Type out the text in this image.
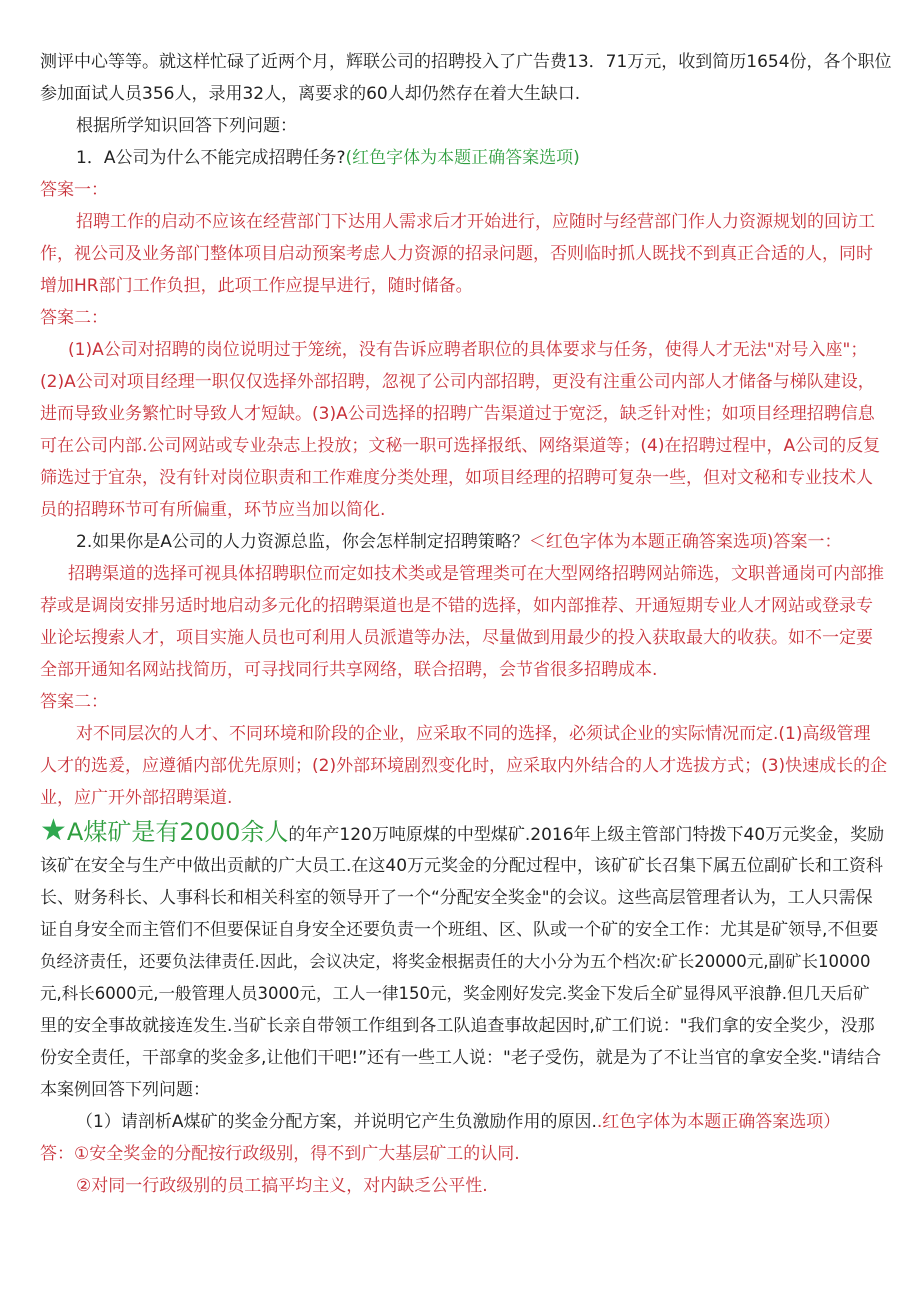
测评中心等等。就这样忙碌了近两个月，辉联公司的招聘投入了广告费13．71万元，收到简历1654份，各个职位
参加面试人员356人，录用32人，离要求的60人却仍然存在着大生缺口.
根据所学知识回答下列问题：
1．A公司为什么不能完成招聘任务?(红色字体为本题正确答案选项)
答案一：
招聘工作的启动不应该在经营部门下达用人需求后才开始进行，应随时与经营部门作人力资源规划的回访工
作，视公司及业务部门整体项目启动预案考虑人力资源的招录问题，否则临时抓人既找不到真正合适的人，同时
增加HR部门工作负担，此项工作应提早进行，随时储备。
答案二：
(1)A公司对招聘的岗位说明过于笼统，没有告诉应聘者职位的具体要求与任务，使得人才无法"对号入座"；
(2)A公司对项目经理一职仅仅选择外部招聘，忽视了公司内部招聘，更没有注重公司内部人才储备与梯队建设，
进而导致业务繁忙时导致人才短缺。(3)A公司选择的招聘广告渠道过于宽泛，缺乏针对性；如项目经理招聘信息
可在公司内部.公司网站或专业杂志上投放；文秘一职可选择报纸、网络渠道等；(4)在招聘过程中，A公司的反复
筛选过于宜杂，没有针对岗位职责和工作难度分类处理，如项目经理的招聘可复杂一些，但对文秘和专业技术人
员的招聘环节可有所偏重，环节应当加以简化.
2.如果你是A公司的人力资源总监，你会怎样制定招聘策略？＜红色字体为本题正确答案选项)答案一：
招聘渠道的选择可视具体招聘职位而定如技术类或是管理类可在大型网络招聘网站筛选，文职普通岗可内部推
荐或是调岗安排另适时地启动多元化的招聘渠道也是不错的选择，如内部推荐、开通短期专业人才网站或登录专
业论坛搜索人才，项目实施人员也可利用人员派遣等办法，尽量做到用最少的投入获取最大的收获。如不一定要
全部开通知名网站找简历，可寻找同行共享网络，联合招聘，会节省很多招聘成本.
答案二：
对不同层次的人才、不同环境和阶段的企业，应采取不同的选择，必须试企业的实际情况而定.(1)高级管理
人才的选爰，应遵循内部优先原则；(2)外部环境剧烈变化时，应采取内外结合的人才选拔方式；(3)快速成长的企
业，应广开外部招聘渠道.
★A煤矿是有2000余人的年产120万吨原煤的中型煤矿.2016年上级主管部门特拨下40万元奖金，奖励
该矿在安全与生产中做出贡献的广大员工.在这40万元奖金的分配过程中，该矿矿长召集下属五位副矿长和工资科
长、财务科长、人事科长和相关科室的领导开了一个“分配安全奖金"的会议。这些高层管理者认为，工人只需保
证自身安全而主管们不但要保证自身安全还要负责一个班组、区、队或一个矿的安全工作：尤其是矿领导,不但要
负经济责任，还要负法律责任.因此，会议决定，将奖金根据责任的大小分为五个档次:矿长20000元,副矿长10000
元,科长6000元,一般管理人员3000元，工人一律150元，奖金刚好发完.奖金下发后全矿显得风平浪静.但几天后矿
里的安全事故就接连发生.当矿长亲自带领工作组到各工队追查事故起因时,矿工们说："我们拿的安全奖少，没那
份安全责任，干部拿的奖金多,让他们干吧!”还有一些工人说："老子受伤，就是为了不让当官的拿安全奖."请结合
本案例回答下列问题：
（1）请剖析A煤矿的奖金分配方案，并说明它产生负激励作用的原因..红色字体为本题正确答案选项）
答：①安全奖金的分配按行政级别，得不到广大基层矿工的认同.
②对同一行政级别的员工搞平均主义，对内缺乏公平性.
